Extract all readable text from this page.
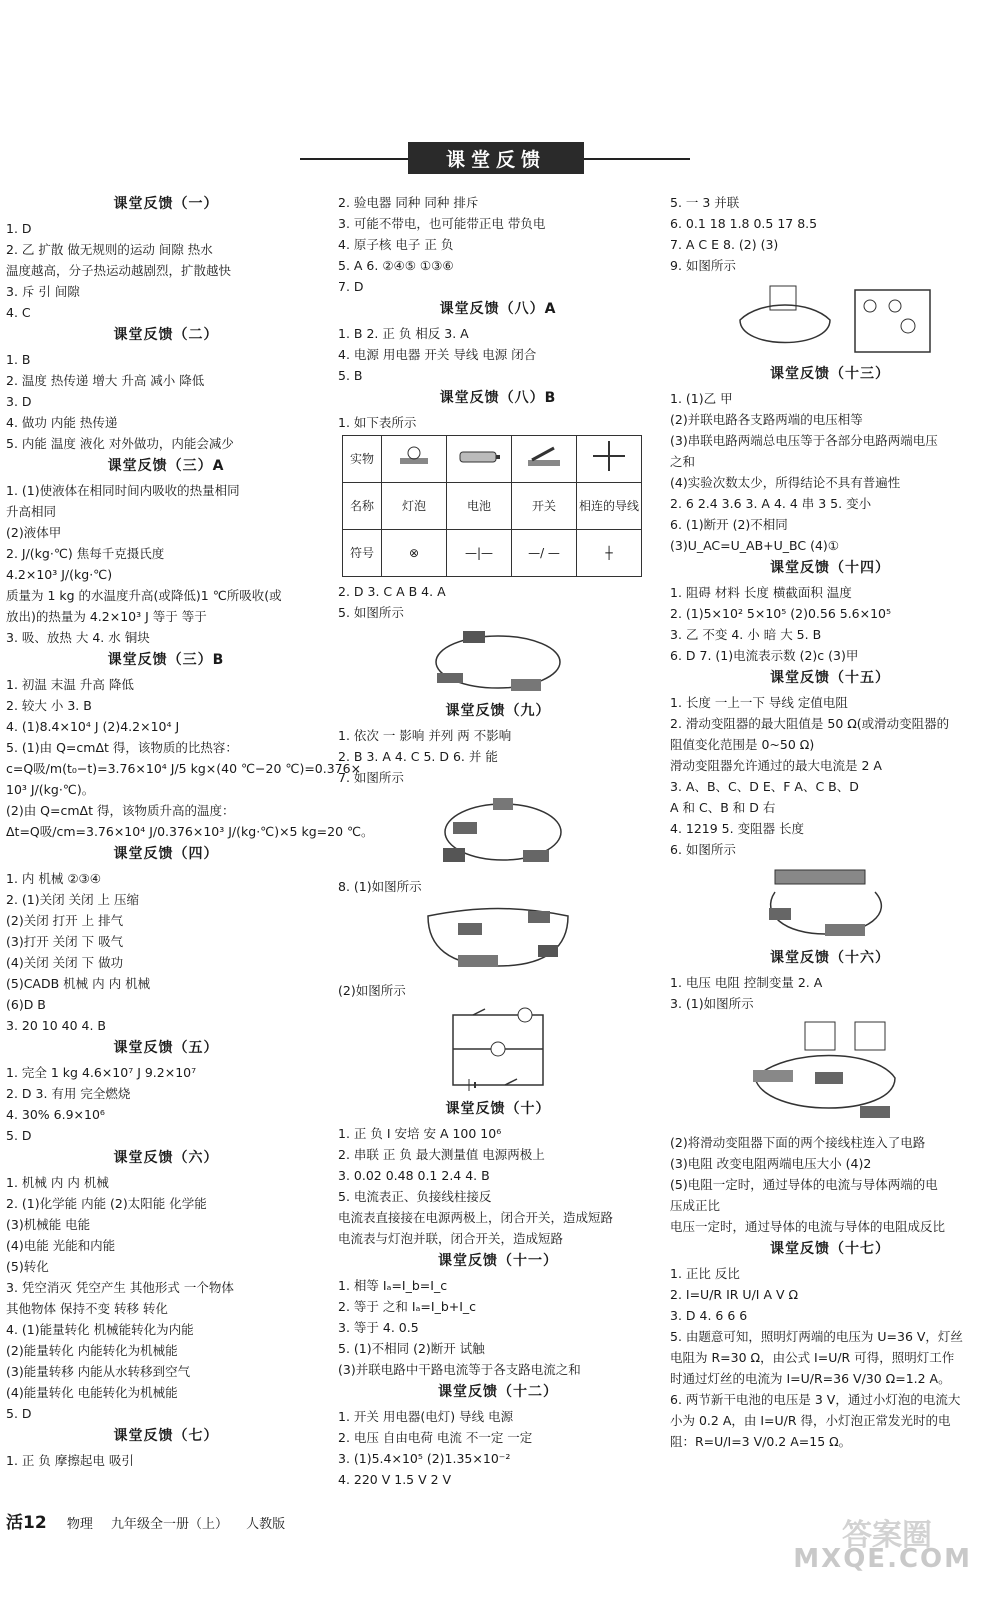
课堂反馈
课堂反馈（一）
1. D
2. 乙 扩散 做无规则的运动 间隙 热水
温度越高，分子热运动越剧烈，扩散越快
3. 斥 引 间隙
4. C
课堂反馈（二）
1. B
2. 温度 热传递 增大 升高 减小 降低
3. D
4. 做功 内能 热传递
5. 内能 温度 液化 对外做功，内能会减少
课堂反馈（三）A
1. (1)使液体在相同时间内吸收的热量相同
升高相同
(2)液体甲
2. J/(kg·℃) 焦每千克摄氏度
4.2×10³ J/(kg·℃)
质量为 1 kg 的水温度升高(或降低)1 ℃所吸收(或
放出)的热量为 4.2×10³ J 等于 等于
3. 吸、放热 大 4. 水 铜块
课堂反馈（三）B
1. 初温 末温 升高 降低
2. 较大 小 3. B
4. (1)8.4×10⁴ J (2)4.2×10⁴ J
5. (1)由 Q=cmΔt 得，该物质的比热容：
c=Q吸/m(t₀−t)=3.76×10⁴ J/5 kg×(40 ℃−20 ℃)=0.376×
10³ J/(kg·℃)。
(2)由 Q=cmΔt 得，该物质升高的温度：
Δt=Q吸/cm=3.76×10⁴ J/0.376×10³ J/(kg·℃)×5 kg=20 ℃。
课堂反馈（四）
1. 内 机械 ②③④
2. (1)关闭 关闭 上 压缩
(2)关闭 打开 上 排气
(3)打开 关闭 下 吸气
(4)关闭 关闭 下 做功
(5)CADB 机械 内 内 机械
(6)D B
3. 20 10 40 4. B
课堂反馈（五）
1. 完全 1 kg 4.6×10⁷ J 9.2×10⁷
2. D 3. 有用 完全燃烧
4. 30% 6.9×10⁶
5. D
课堂反馈（六）
1. 机械 内 内 机械
2. (1)化学能 内能 (2)太阳能 化学能
(3)机械能 电能
(4)电能 光能和内能
(5)转化
3. 凭空消灭 凭空产生 其他形式 一个物体
其他物体 保持不变 转移 转化
4. (1)能量转化 机械能转化为内能
(2)能量转化 内能转化为机械能
(3)能量转移 内能从水转移到空气
(4)能量转化 电能转化为机械能
5. D
课堂反馈（七）
1. 正 负 摩擦起电 吸引
2. 验电器 同种 同种 排斥
3. 可能不带电，也可能带正电 带负电
4. 原子核 电子 正 负
5. A 6. ②④⑤ ①③⑥
7. D
课堂反馈（八）A
1. B 2. 正 负 相反 3. A
4. 电源 用电器 开关 导线 电源 闭合
5. B
课堂反馈（八）B
1. 如下表所示
实物				
名称	灯泡	电池	开关	相连的导线
符号	⊗	—|—	—/ —	┼
2. D 3. C A B 4. A
5. 如图所示
课堂反馈（九）
1. 依次 一 影响 并列 两 不影响
2. B 3. A 4. C 5. D 6. 并 能
7. 如图所示
8. (1)如图所示
(2)如图所示
课堂反馈（十）
1. 正 负 I 安培 安 A 100 10⁶
2. 串联 正 负 最大测量值 电源两极上
3. 0.02 0.48 0.1 2.4 4. B
5. 电流表正、负接线柱接反
电流表直接接在电源两极上，闭合开关，造成短路
电流表与灯泡并联，闭合开关，造成短路
课堂反馈（十一）
1. 相等 Iₐ=I_b=I_c
2. 等于 之和 Iₐ=I_b+I_c
3. 等于 4. 0.5
5. (1)不相同 (2)断开 试触
(3)并联电路中干路电流等于各支路电流之和
课堂反馈（十二）
1. 开关 用电器(电灯) 导线 电源
2. 电压 自由电荷 电流 不一定 一定
3. (1)5.4×10⁵ (2)1.35×10⁻²
4. 220 V 1.5 V 2 V
5. 一 3 并联
6. 0.1 18 1.8 0.5 17 8.5
7. A C E 8. (2) (3)
9. 如图所示
课堂反馈（十三）
1. (1)乙 甲
(2)并联电路各支路两端的电压相等
(3)串联电路两端总电压等于各部分电路两端电压
之和
(4)实验次数太少，所得结论不具有普遍性
2. 6 2.4 3.6 3. A 4. 4 串 3 5. 变小
6. (1)断开 (2)不相同
(3)U_AC=U_AB+U_BC (4)①
课堂反馈（十四）
1. 阻碍 材料 长度 横截面积 温度
2. (1)5×10² 5×10⁵ (2)0.56 5.6×10⁵
3. 乙 不变 4. 小 暗 大 5. B
6. D 7. (1)电流表示数 (2)c (3)甲
课堂反馈（十五）
1. 长度 一上一下 导线 定值电阻
2. 滑动变阻器的最大阻值是 50 Ω(或滑动变阻器的
阻值变化范围是 0~50 Ω)
滑动变阻器允许通过的最大电流是 2 A
3. A、B、C、D E、F A、C B、D
A 和 C、B 和 D 右
4. 1219 5. 变阻器 长度
6. 如图所示
课堂反馈（十六）
1. 电压 电阻 控制变量 2. A
3. (1)如图所示
(2)将滑动变阻器下面的两个接线柱连入了电路
(3)电阻 改变电阻两端电压大小 (4)2
(5)电阻一定时，通过导体的电流与导体两端的电
压成正比
电压一定时，通过导体的电流与导体的电阻成反比
课堂反馈（十七）
1. 正比 反比
2. I=U/R IR U/I A V Ω
3. D 4. 6 6 6
5. 由题意可知，照明灯两端的电压为 U=36 V，灯丝
电阻为 R=30 Ω，由公式 I=U/R 可得，照明灯工作
时通过灯丝的电流为 I=U/R=36 V/30 Ω=1.2 A。
6. 两节新干电池的电压是 3 V，通过小灯泡的电流大
小为 0.2 A，由 I=U/R 得，小灯泡正常发光时的电
阻：R=U/I=3 V/0.2 A=15 Ω。
活12 物理 九年级全一册（上） 人教版	答案圈
MXQE.COM
